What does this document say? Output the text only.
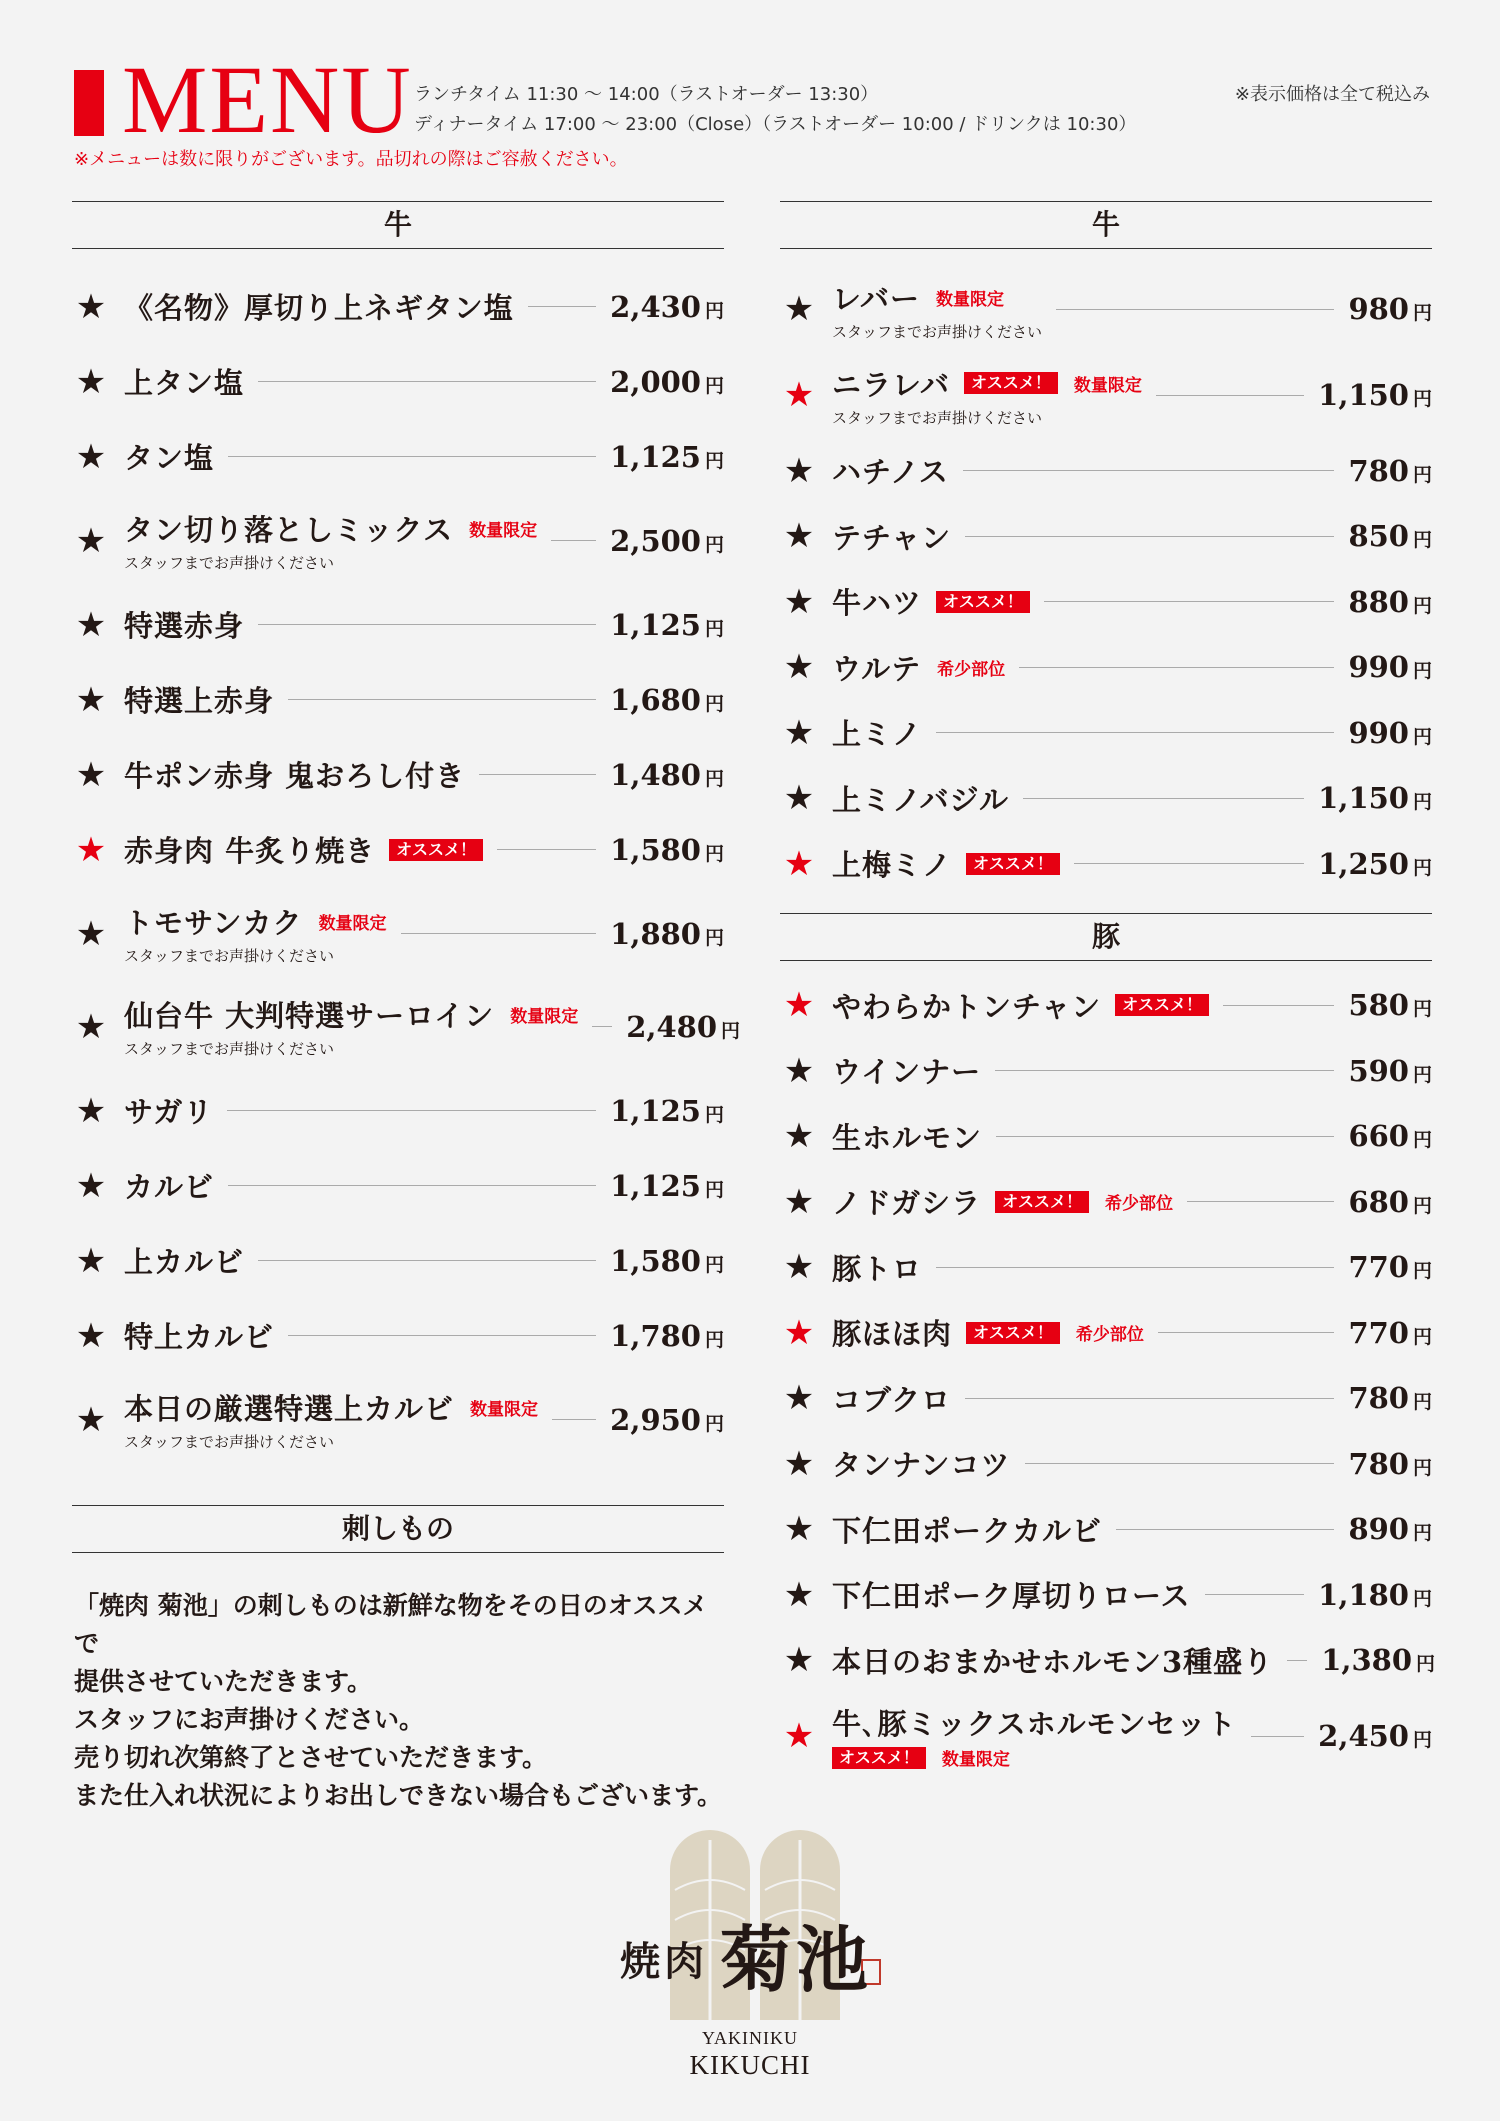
MENU ランチタイム 11:30 〜 14:00（ラストオーダー 13:30）
ディナータイム 17:00 〜 23:00（Close）（ラストオーダー 10:00 / ドリンクは 10:30）
※表示価格は全て税込み
※メニューは数に限りがございます。品切れの際はご容赦ください。
牛
★ 《名物》厚切り上ネギタン塩	2,430 円
★ 上タン塩	2,000 円
★ タン塩	1,125 円
★ タン切り落としミックス 数量限定
スタッフまでお声掛けください
2,500 円
★ 特選赤身	1,125 円
★ 特選上赤身	1,680 円
★ 牛ポン赤身 鬼おろし付き	1,480 円
★ 赤身肉 牛炙り焼き	オススメ！	1,580 円
★ トモサンカク 数量限定
スタッフまでお声掛けください
1,880 円
★ 仙台牛 大判特選サーロイン 数量限定
スタッフまでお声掛けください
2,480 円
★ サガリ	1,125 円
★ カルビ	1,125 円
★ 上カルビ	1,580 円
★ 特上カルビ	1,780 円
★ 本日の厳選特選上カルビ 数量限定
スタッフまでお声掛けください
2,950 円
刺しもの
「焼肉 菊池」の刺しものは新鮮な物をその日のオススメで
提供させていただきます。
スタッフにお声掛けください。
売り切れ次第終了とさせていただきます。
また仕入れ状況によりお出しできない場合もございます。
牛
★ レバー 数量限定
スタッフまでお声掛けください
980 円
★ ニラレバ	オススメ！	数量限定
スタッフまでお声掛けください
1,150 円
★ ハチノス	780 円
★ テチャン	850 円
★ 牛ハツ	オススメ！	880 円
★ ウルテ 希少部位	990 円
★ 上ミノ	990 円
★ 上ミノバジル	1,150 円
★ 上梅ミノ	オススメ！	1,250 円
豚
★ やわらかトンチャン	オススメ！	580 円
★ ウインナー	590 円
★ 生ホルモン	660 円
★ ノドガシラ	オススメ！	希少部位	680 円
★ 豚トロ	770 円
★ 豚ほほ肉	オススメ！	希少部位	770 円
★ コブクロ	780 円
★ タンナンコツ	780 円
★ 下仁田ポークカルビ	890 円
★ 下仁田ポーク厚切りロース	1,180 円
★ 本日のおまかせホルモン3種盛り 1,380 円
★ 牛､豚ミックスホルモンセット
オススメ！	数量限定
2,450 円
焼肉 菊池
YAKINIKU
KIKUCHI
